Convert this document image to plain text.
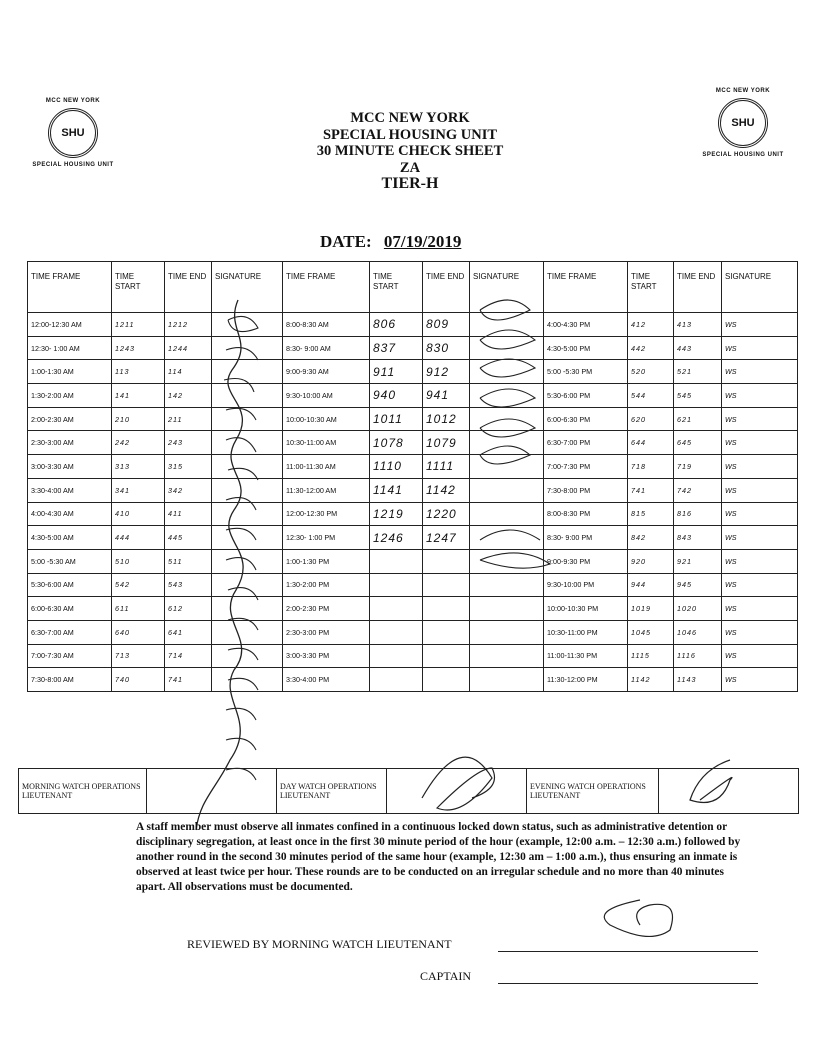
MCC NEW YORK
SHU
SPECIAL HOUSING UNIT
MCC NEW YORK
SHU
SPECIAL HOUSING UNIT
MCC NEW YORK
SPECIAL HOUSING UNIT
30 MINUTE CHECK SHEET
ZA
TIER-H
DATE: 07/19/2019
TIME FRAME	TIME START	TIME END	SIGNATURE	TIME FRAME	TIME START	TIME END	SIGNATURE	TIME FRAME	TIME START	TIME END	SIGNATURE
12:00-12:30 AM	1211	1212		8:00-8:30 AM	806	809		4:00-4:30 PM	412	413	WS
12:30- 1:00 AM	1243	1244		8:30- 9:00 AM	837	830		4:30-5:00 PM	442	443	WS
1:00-1:30 AM	113	114		9:00-9:30 AM	911	912		5:00 -5:30 PM	520	521	WS
1:30-2:00 AM	141	142		9:30-10:00 AM	940	941		5:30-6:00 PM	544	545	WS
2:00-2:30 AM	210	211		10:00-10:30 AM	1011	1012		6:00-6:30 PM	620	621	WS
2:30-3:00 AM	242	243		10:30-11:00 AM	1078	1079		6:30-7:00 PM	644	645	WS
3:00-3:30 AM	313	315		11:00-11:30 AM	1110	1111		7:00-7:30 PM	718	719	WS
3:30-4:00 AM	341	342		11:30-12:00 AM	1141	1142		7:30-8:00 PM	741	742	WS
4:00-4:30 AM	410	411		12:00-12:30 PM	1219	1220		8:00-8:30 PM	815	816	WS
4:30-5:00 AM	444	445		12:30- 1:00 PM	1246	1247		8:30- 9:00 PM	842	843	WS
5:00 -5:30 AM	510	511		1:00-1:30 PM				9:00-9:30 PM	920	921	WS
5:30-6:00 AM	542	543		1:30-2:00 PM				9:30-10:00 PM	944	945	WS
6:00-6:30 AM	611	612		2:00-2:30 PM				10:00-10:30 PM	1019	1020	WS
6:30-7:00 AM	640	641		2:30-3:00 PM				10:30-11:00 PM	1045	1046	WS
7:00-7:30 AM	713	714		3:00-3:30 PM				11:00-11:30 PM	1115	1116	WS
7:30-8:00 AM	740	741		3:30-4:00 PM				11:30-12:00 PM	1142	1143	WS
MORNING WATCH OPERATIONS LIEUTENANT		DAY WATCH OPERATIONS LIEUTENANT		EVENING WATCH OPERATIONS LIEUTENANT	
A staff member must observe all inmates confined in a continuous locked down status, such as administrative detention or disciplinary segregation, at least once in the first 30 minute period of the hour (example, 12:00 a.m. – 12:30 a.m.) followed by another round in the second 30 minutes period of the same hour (example, 12:30 am – 1:00 a.m.), thus ensuring an inmate is observed at least twice per hour. These rounds are to be conducted on an irregular schedule and no more than 40 minutes apart. All observations must be documented.
REVIEWED BY MORNING WATCH LIEUTENANT
CAPTAIN
